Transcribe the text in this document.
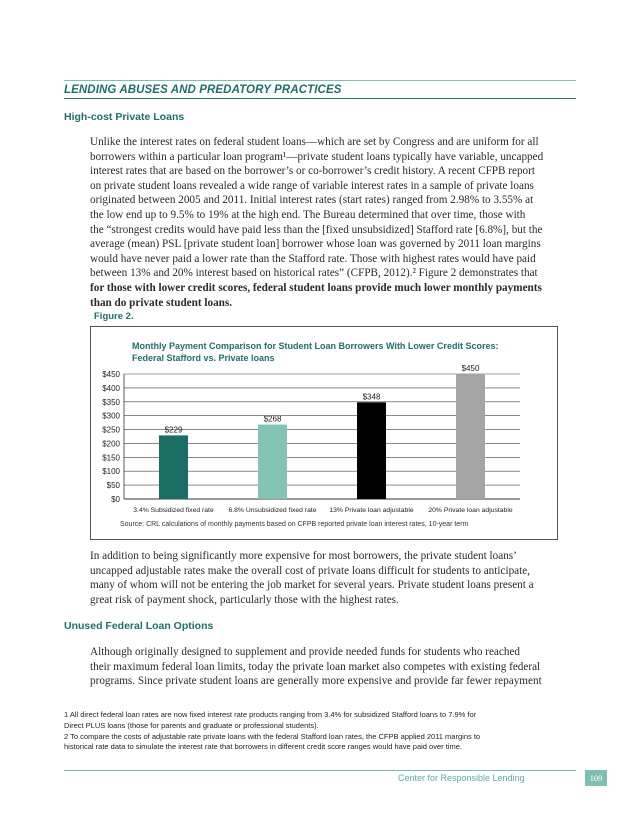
LENDING ABUSES AND PREDATORY PRACTICES
High-cost Private Loans
Unlike the interest rates on federal student loans—which are set by Congress and are uniform for all
borrowers within a particular loan program¹—private student loans typically have variable, uncapped
interest rates that are based on the borrower’s or co-borrower’s credit history. A recent CFPB report
on private student loans revealed a wide range of variable interest rates in a sample of private loans
originated between 2005 and 2011. Initial interest rates (start rates) ranged from 2.98% to 3.55% at
the low end up to 9.5% to 19% at the high end. The Bureau determined that over time, those with
the “strongest credits would have paid less than the [fixed unsubsidized] Stafford rate [6.8%], but the
average (mean) PSL [private student loan] borrower whose loan was governed by 2011 loan margins
would have never paid a lower rate than the Stafford rate. Those with highest rates would have paid
between 13% and 20% interest based on historical rates” (CFPB, 2012).² Figure 2 demonstrates that
for those with lower credit scores, federal student loans provide much lower monthly payments
than do private student loans.
Figure 2.
Monthly Payment Comparison for Student Loan Borrowers With Lower Credit Scores:
Federal Stafford vs. Private loans
$0
$50
$100
$150
$200
$250
$300
$350
$400
$450
$229
$268
$348
$450
3.4% Subsidized fixed rate 6.8% Unsubsidized fixed rate 13% Private loan adjustable 20% Private loan adjustable
Source: CRL calculations of monthly payments based on CFPB reported private loan interest rates, 10-year term
In addition to being significantly more expensive for most borrowers, the private student loans’
uncapped adjustable rates make the overall cost of private loans difficult for students to anticipate,
many of whom will not be entering the job market for several years. Private student loans present a
great risk of payment shock, particularly those with the highest rates.
Unused Federal Loan Options
Although originally designed to supplement and provide needed funds for students who reached
their maximum federal loan limits, today the private loan market also competes with existing federal
programs. Since private student loans are generally more expensive and provide far fewer repayment
1 All direct federal loan rates are now fixed interest rate products ranging from 3.4% for subsidized Stafford loans to 7.9% for
Direct PLUS loans (those for parents and graduate or professional students).
2 To compare the costs of adjustable rate private loans with the federal Stafford loan rates, the CFPB applied 2011 margins to
historical rate data to simulate the interest rate that borrowers in different credit score ranges would have paid over time.
Center for Responsible Lending	109
